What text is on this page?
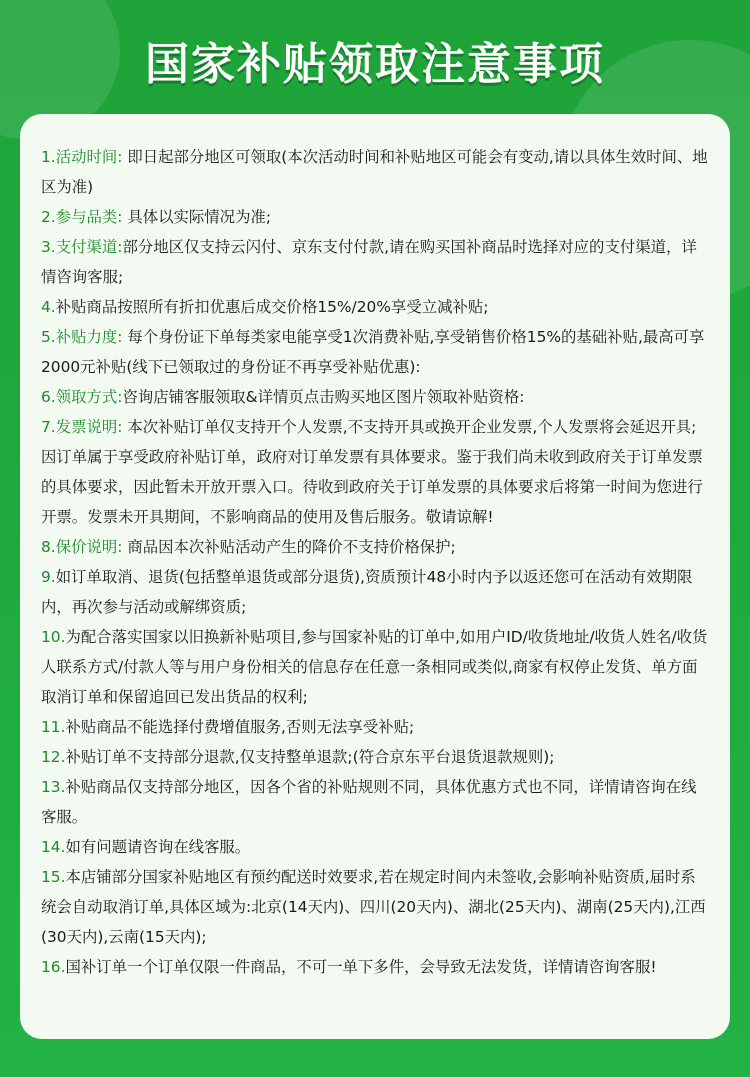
国家补贴领取注意事项

1.活动时间: 即日起部分地区可领取(本次活动时间和补贴地区可能会有变动,请以具体生效时间、地区为准)

2.参与品类: 具体以实际情况为准;

3.支付渠道:部分地区仅支持云闪付、京东支付付款,请在购买国补商品时选择对应的支付渠道，详情咨询客服;

4.补贴商品按照所有折扣优惠后成交价格15%/20%享受立减补贴;

5.补贴力度: 每个身份证下单每类家电能享受1次消费补贴,享受销售价格15%的基础补贴,最高可享2000元补贴(线下已领取过的身份证不再享受补贴优惠):

6.领取方式:咨询店铺客服领取&详情页点击购买地区图片领取补贴资格:

7.发票说明: 本次补贴订单仅支持开个人发票,不支持开具或换开企业发票,个人发票将会延迟开具;因订单属于享受政府补贴订单，政府对订单发票有具体要求。鉴于我们尚未收到政府关于订单发票的具体要求，因此暂未开放开票入口。待收到政府关于订单发票的具体要求后将第一时间为您进行开票。发票未开具期间，不影响商品的使用及售后服务。敬请谅解!

8.保价说明: 商品因本次补贴活动产生的降价不支持价格保护;

9.如订单取消、退货(包括整单退货或部分退货),资质预计48小时内予以返还您可在活动有效期限内，再次参与活动或解绑资质;

10.为配合落实国家以旧换新补贴项目,参与国家补贴的订单中,如用户ID/收货地址/收货人姓名/收货人联系方式/付款人等与用户身份相关的信息存在任意一条相同或类似,商家有权停止发货、单方面取消订单和保留追回已发出货品的权利;

11.补贴商品不能选择付费增值服务,否则无法享受补贴;

12.补贴订单不支持部分退款,仅支持整单退款;(符合京东平台退货退款规则);

13.补贴商品仅支持部分地区，因各个省的补贴规则不同，具体优惠方式也不同，详情请咨询在线客服。

14.如有问题请咨询在线客服。

15.本店铺部分国家补贴地区有预约配送时效要求,若在规定时间内未签收,会影响补贴资质,届时系统会自动取消订单,具体区域为:北京(14天内)、四川(20天内)、湖北(25天内)、湖南(25天内),江西(30天内),云南(15天内);

16.国补订单一个订单仅限一件商品，不可一单下多件，会导致无法发货，详情请咨询客服!
